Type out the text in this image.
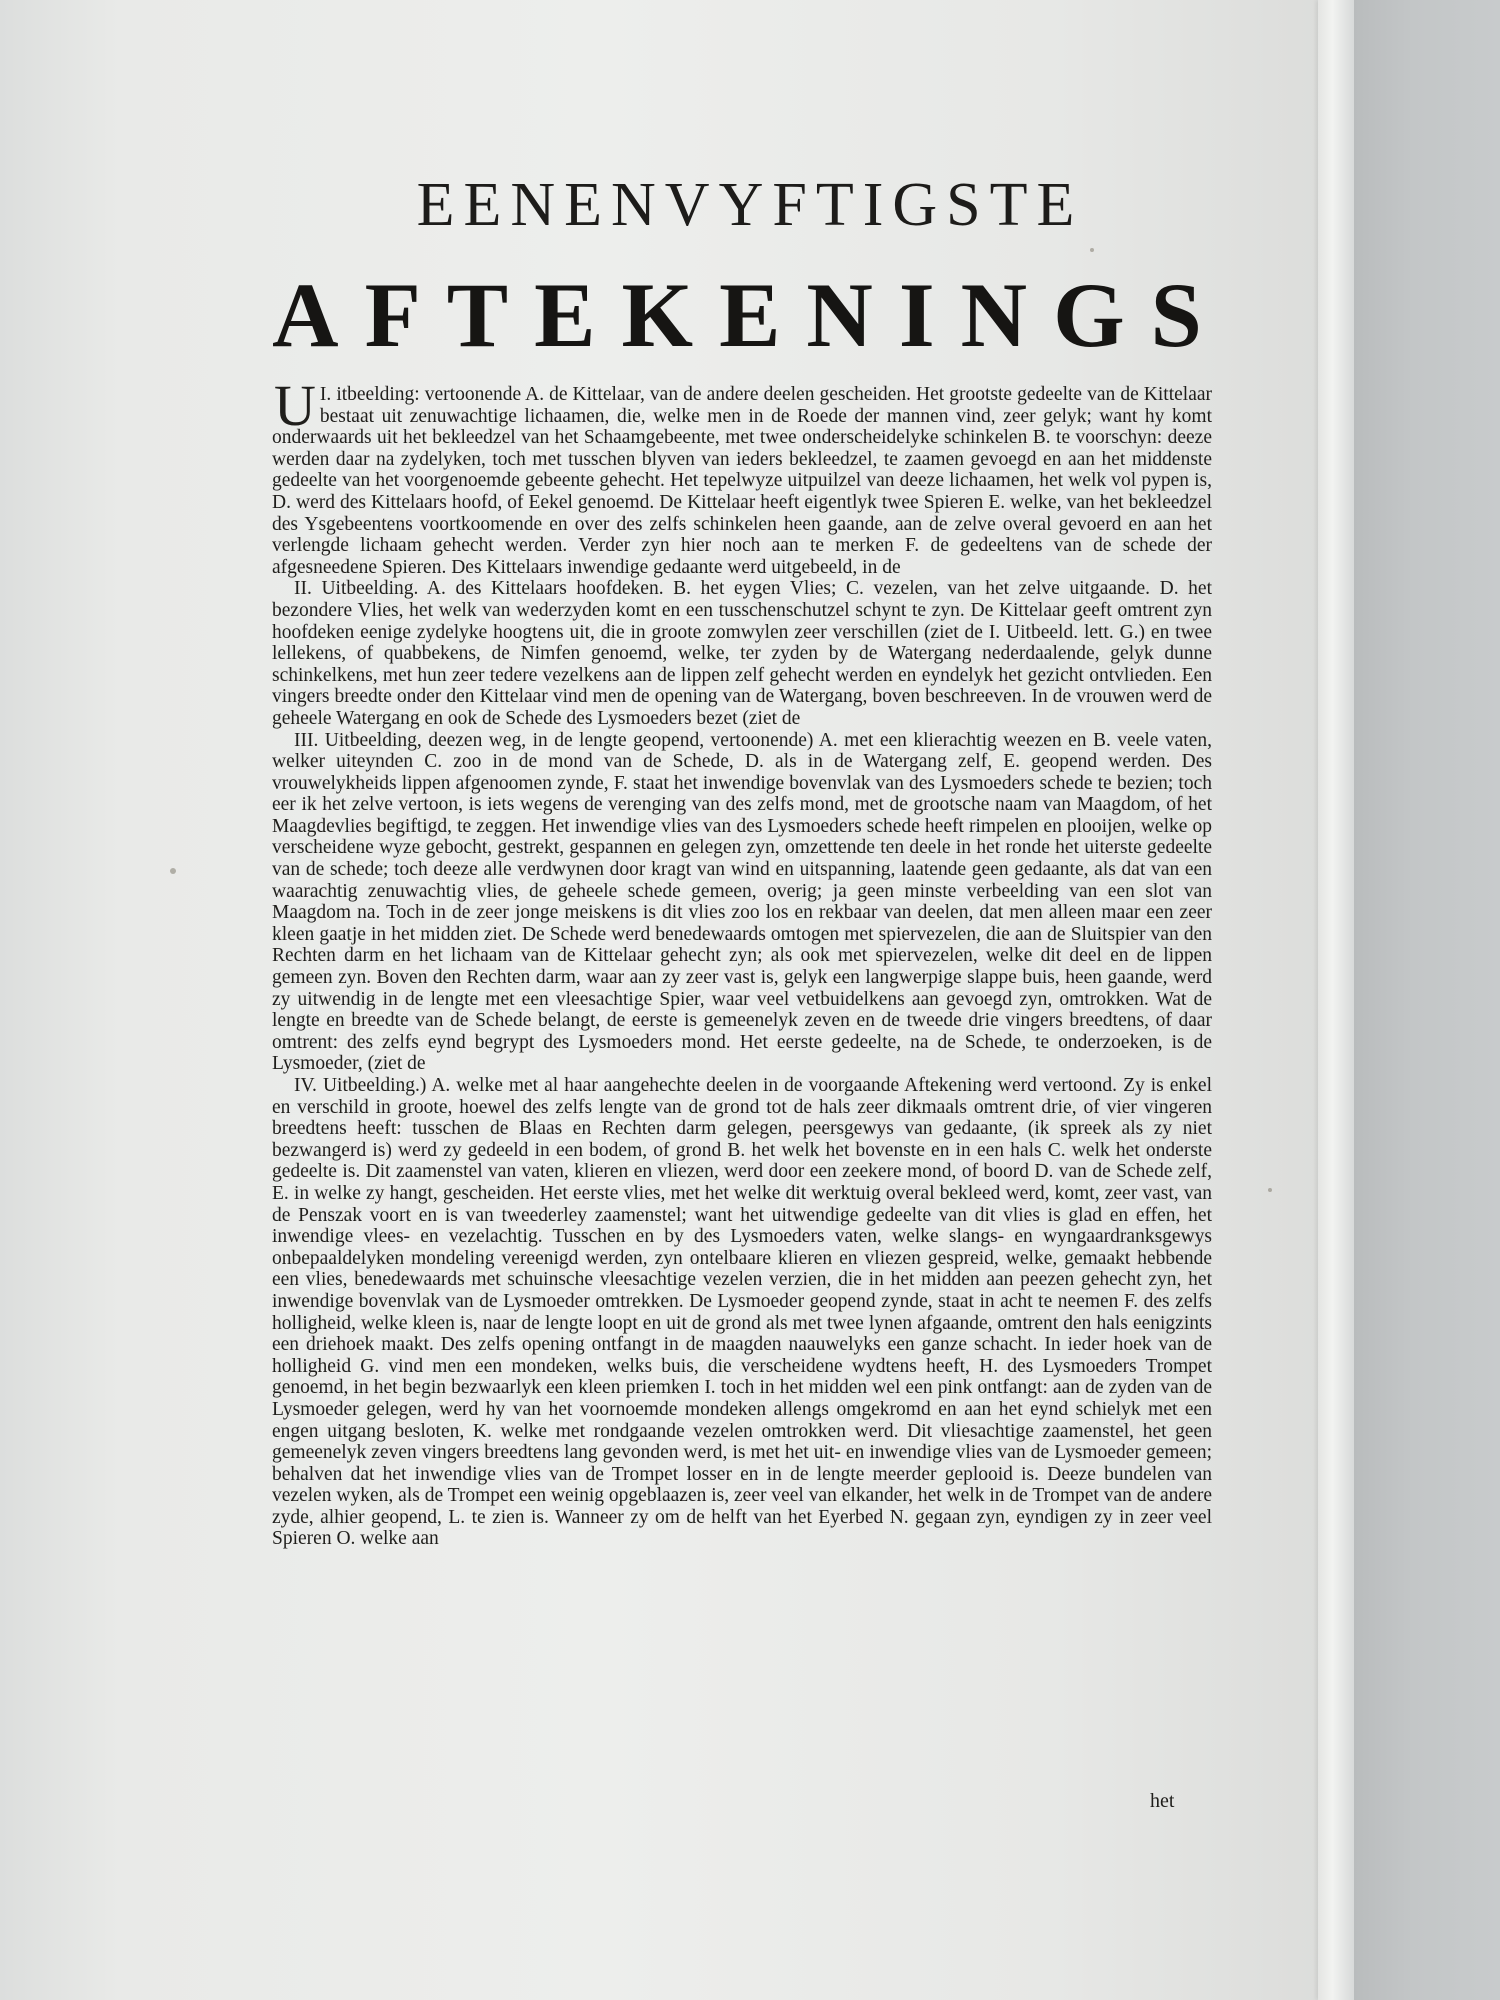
EENENVYFTIGSTE
AFTEKENINGS

I.
U itbeelding: vertoonende A. de Kittelaar, van de andere deelen gescheiden. Het grootste gedeelte van de Kittelaar bestaat uit zenuwachtige lichaamen, die, welke men in de Roede der mannen vind, zeer gelyk; want hy komt onderwaards uit het bekleedzel van het Schaamgebeente, met twee onderscheidelyke schinkelen B. te voorschyn: deeze werden daar na zydelyken, toch met tusschen blyven van ieders bekleedzel, te zaamen gevoegd en aan het middenste gedeelte van het voorgenoemde gebeente gehecht. Het tepelwyze uitpuilzel van deeze lichaamen, het welk vol pypen is, D. werd des Kittelaars hoofd, of Eekel genoemd. De Kittelaar heeft eigentlyk twee Spieren E. welke, van het bekleedzel des Ysgebeentens voortkoomende en over des zelfs schinkelen heen gaande, aan de zelve overal gevoerd en aan het verlengde lichaam gehecht werden. Verder zyn hier noch aan te merken F. de gedeeltens van de schede der afgesneedene Spieren. Des Kittelaars inwendige gedaante werd uitgebeeld, in de

II. Uitbeelding. A. des Kittelaars hoofdeken. B. het eygen Vlies; C. vezelen, van het zelve uitgaande. D. het bezondere Vlies, het welk van wederzyden komt en een tusschenschutzel schynt te zyn. De Kittelaar geeft omtrent zyn hoofdeken eenige zydelyke hoogtens uit, die in groote zomwylen zeer verschillen (ziet de I. Uitbeeld. lett. G.) en twee lellekens, of quabbekens, de Nimfen genoemd, welke, ter zyden by de Watergang nederdaalende, gelyk dunne schinkelkens, met hun zeer tedere vezelkens aan de lippen zelf gehecht werden en eyndelyk het gezicht ontvlieden. Een vingers breedte onder den Kittelaar vind men de opening van de Watergang, boven beschreeven. In de vrouwen werd de geheele Watergang en ook de Schede des Lysmoeders bezet (ziet de

III. Uitbeelding, deezen weg, in de lengte geopend, vertoonende) A. met een klierachtig weezen en B. veele vaten, welker uiteynden C. zoo in de mond van de Schede, D. als in de Watergang zelf, E. geopend werden. Des vrouwelykheids lippen afgenoomen zynde, F. staat het inwendige bovenvlak van des Lysmoeders schede te bezien; toch eer ik het zelve vertoon, is iets wegens de verenging van des zelfs mond, met de grootsche naam van Maagdom, of het Maagdevlies begiftigd, te zeggen. Het inwendige vlies van des Lysmoeders schede heeft rimpelen en plooijen, welke op verscheidene wyze gebocht, gestrekt, gespannen en gelegen zyn, omzettende ten deele in het ronde het uiterste gedeelte van de schede; toch deeze alle verdwynen door kragt van wind en uitspanning, laatende geen gedaante, als dat van een waarachtig zenuwachtig vlies, de geheele schede gemeen, overig; ja geen minste verbeelding van een slot van Maagdom na. Toch in de zeer jonge meiskens is dit vlies zoo los en rekbaar van deelen, dat men alleen maar een zeer kleen gaatje in het midden ziet. De Schede werd benedewaards omtogen met spiervezelen, die aan de Sluitspier van den Rechten darm en het lichaam van de Kittelaar gehecht zyn; als ook met spiervezelen, welke dit deel en de lippen gemeen zyn. Boven den Rechten darm, waar aan zy zeer vast is, gelyk een langwerpige slappe buis, heen gaande, werd zy uitwendig in de lengte met een vleesachtige Spier, waar veel vetbuidelkens aan gevoegd zyn, omtrokken. Wat de lengte en breedte van de Schede belangt, de eerste is gemeenelyk zeven en de tweede drie vingers breedtens, of daar omtrent: des zelfs eynd begrypt des Lysmoeders mond. Het eerste gedeelte, na de Schede, te onderzoeken, is de Lysmoeder, (ziet de

IV. Uitbeelding.) A. welke met al haar aangehechte deelen in de voorgaande Aftekening werd vertoond. Zy is enkel en verschild in groote, hoewel des zelfs lengte van de grond tot de hals zeer dikmaals omtrent drie, of vier vingeren breedtens heeft: tusschen de Blaas en Rechten darm gelegen, peersgewys van gedaante, (ik spreek als zy niet bezwangerd is) werd zy gedeeld in een bodem, of grond B. het welk het bovenste en in een hals C. welk het onderste gedeelte is. Dit zaamenstel van vaten, klieren en vliezen, werd door een zeekere mond, of boord D. van de Schede zelf, E. in welke zy hangt, gescheiden. Het eerste vlies, met het welke dit werktuig overal bekleed werd, komt, zeer vast, van de Penszak voort en is van tweederley zaamenstel; want het uitwendige gedeelte van dit vlies is glad en effen, het inwendige vlees- en vezelachtig. Tusschen en by des Lysmoeders vaten, welke slangs- en wyngaardranksgewys onbepaaldelyken mondeling vereenigd werden, zyn ontelbaare klieren en vliezen gespreid, welke, gemaakt hebbende een vlies, benedewaards met schuinsche vleesachtige vezelen verzien, die in het midden aan peezen gehecht zyn, het inwendige bovenvlak van de Lysmoeder omtrekken. De Lysmoeder geopend zynde, staat in acht te neemen F. des zelfs holligheid, welke kleen is, naar de lengte loopt en uit de grond als met twee lynen afgaande, omtrent den hals eenigzints een driehoek maakt. Des zelfs opening ontfangt in de maagden naauwelyks een ganze schacht. In ieder hoek van de holligheid G. vind men een mondeken, welks buis, die verscheidene wydtens heeft, H. des Lysmoeders Trompet genoemd, in het begin bezwaarlyk een kleen priemken I. toch in het midden wel een pink ontfangt: aan de zyden van de Lysmoeder gelegen, werd hy van het voornoemde mondeken allengs omgekromd en aan het eynd schielyk met een engen uitgang besloten, K. welke met rondgaande vezelen omtrokken werd. Dit vliesachtige zaamenstel, het geen gemeenelyk zeven vingers breedtens lang gevonden werd, is met het uit- en inwendige vlies van de Lysmoeder gemeen; behalven dat het inwendige vlies van de Trompet losser en in de lengte meerder geplooid is. Deeze bundelen van vezelen wyken, als de Trompet een weinig opgeblaazen is, zeer veel van elkander, het welk in de Trompet van de andere zyde, alhier geopend, L. te zien is. Wanneer zy om de helft van het Eyerbed N. gegaan zyn, eyndigen zy in zeer veel Spieren O. welke aan

het
